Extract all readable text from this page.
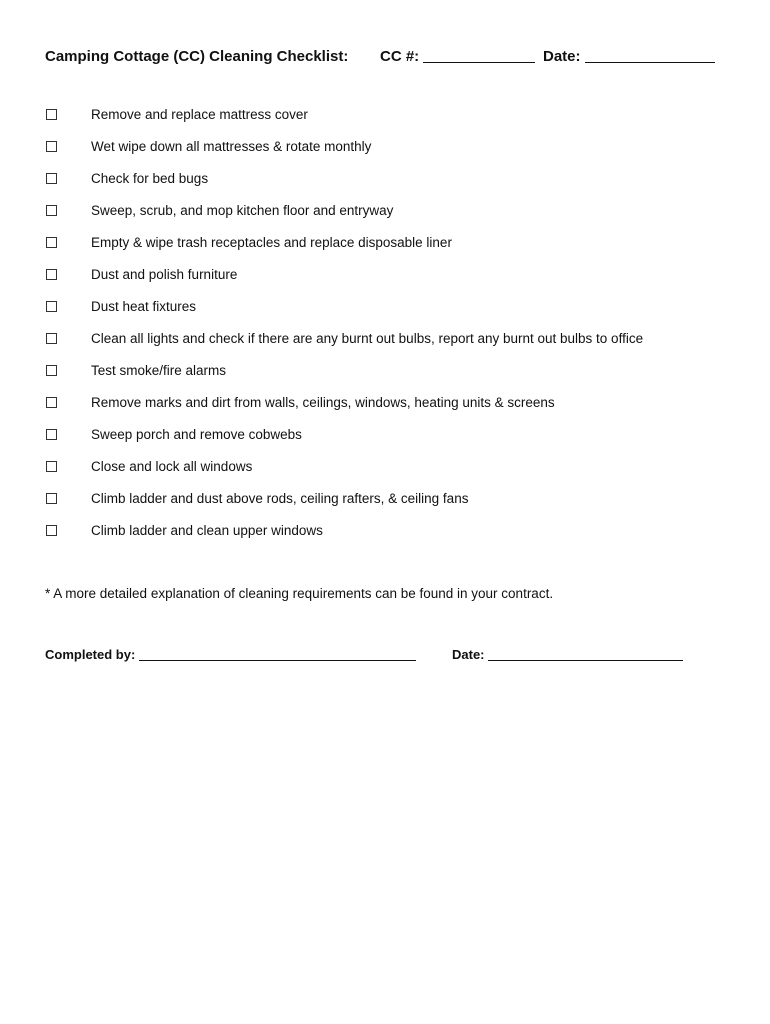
Camping Cottage (CC) Cleaning Checklist: CC #:	Date:
Remove and replace mattress cover
Wet wipe down all mattresses & rotate monthly
Check for bed bugs
Sweep, scrub, and mop kitchen floor and entryway
Empty & wipe trash receptacles and replace disposable liner
Dust and polish furniture
Dust heat fixtures
Clean all lights and check if there are any burnt out bulbs, report any burnt out bulbs to office
Test smoke/fire alarms
Remove marks and dirt from walls, ceilings, windows, heating units & screens
Sweep porch and remove cobwebs
Close and lock all windows
Climb ladder and dust above rods, ceiling rafters, & ceiling fans
Climb ladder and clean upper windows
* A more detailed explanation of cleaning requirements can be found in your contract.
Completed by:	Date:
